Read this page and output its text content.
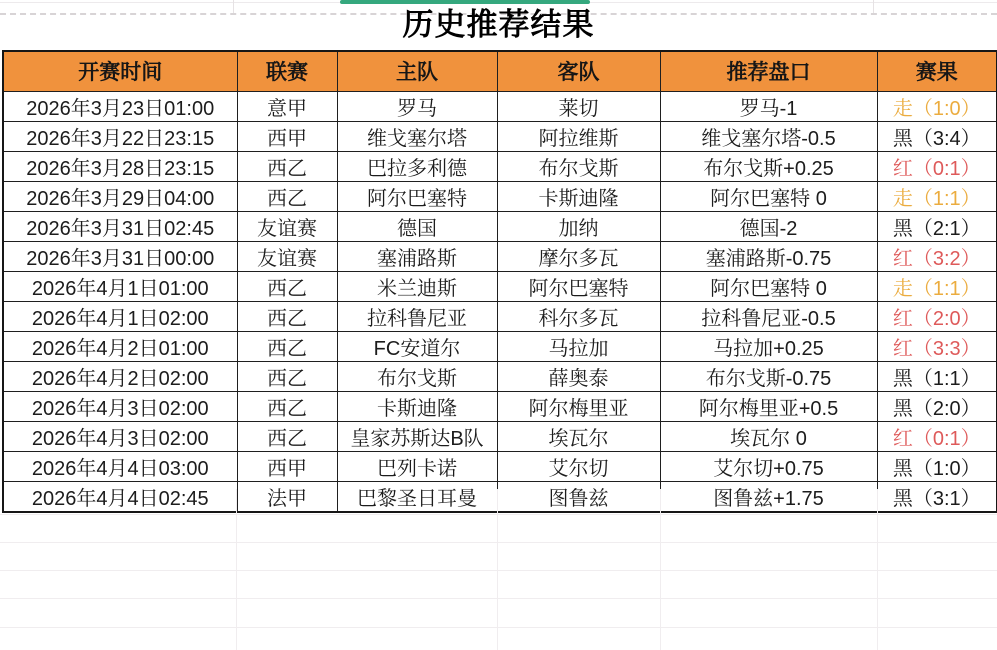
历史推荐结果
开赛时间	联赛	主队	客队	推荐盘口	赛果
2026年3月23日01:00	意甲	罗马	莱切	罗马-1	走（1:0）
2026年3月22日23:15	西甲	维戈塞尔塔	阿拉维斯	维戈塞尔塔-0.5	黑（3:4）
2026年3月28日23:15	西乙	巴拉多利德	布尔戈斯	布尔戈斯+0.25	红（0:1）
2026年3月29日04:00	西乙	阿尔巴塞特	卡斯迪隆	阿尔巴塞特 0	走（1:1）
2026年3月31日02:45	友谊赛	德国	加纳	德国-2	黑（2:1）
2026年3月31日00:00	友谊赛	塞浦路斯	摩尔多瓦	塞浦路斯-0.75	红（3:2）
2026年4月1日01:00	西乙	米兰迪斯	阿尔巴塞特	阿尔巴塞特 0	走（1:1）
2026年4月1日02:00	西乙	拉科鲁尼亚	科尔多瓦	拉科鲁尼亚-0.5	红（2:0）
2026年4月2日01:00	西乙	FC安道尔	马拉加	马拉加+0.25	红（3:3）
2026年4月2日02:00	西乙	布尔戈斯	薛奥泰	布尔戈斯-0.75	黑（1:1）
2026年4月3日02:00	西乙	卡斯迪隆	阿尔梅里亚	阿尔梅里亚+0.5	黑（2:0）
2026年4月3日02:00	西乙	皇家苏斯达B队	埃瓦尔	埃瓦尔 0	红（0:1）
2026年4月4日03:00	西甲	巴列卡诺	艾尔切	艾尔切+0.75	黑（1:0）
2026年4月4日02:45	法甲	巴黎圣日耳曼	图鲁兹	图鲁兹+1.75	黑（3:1）
